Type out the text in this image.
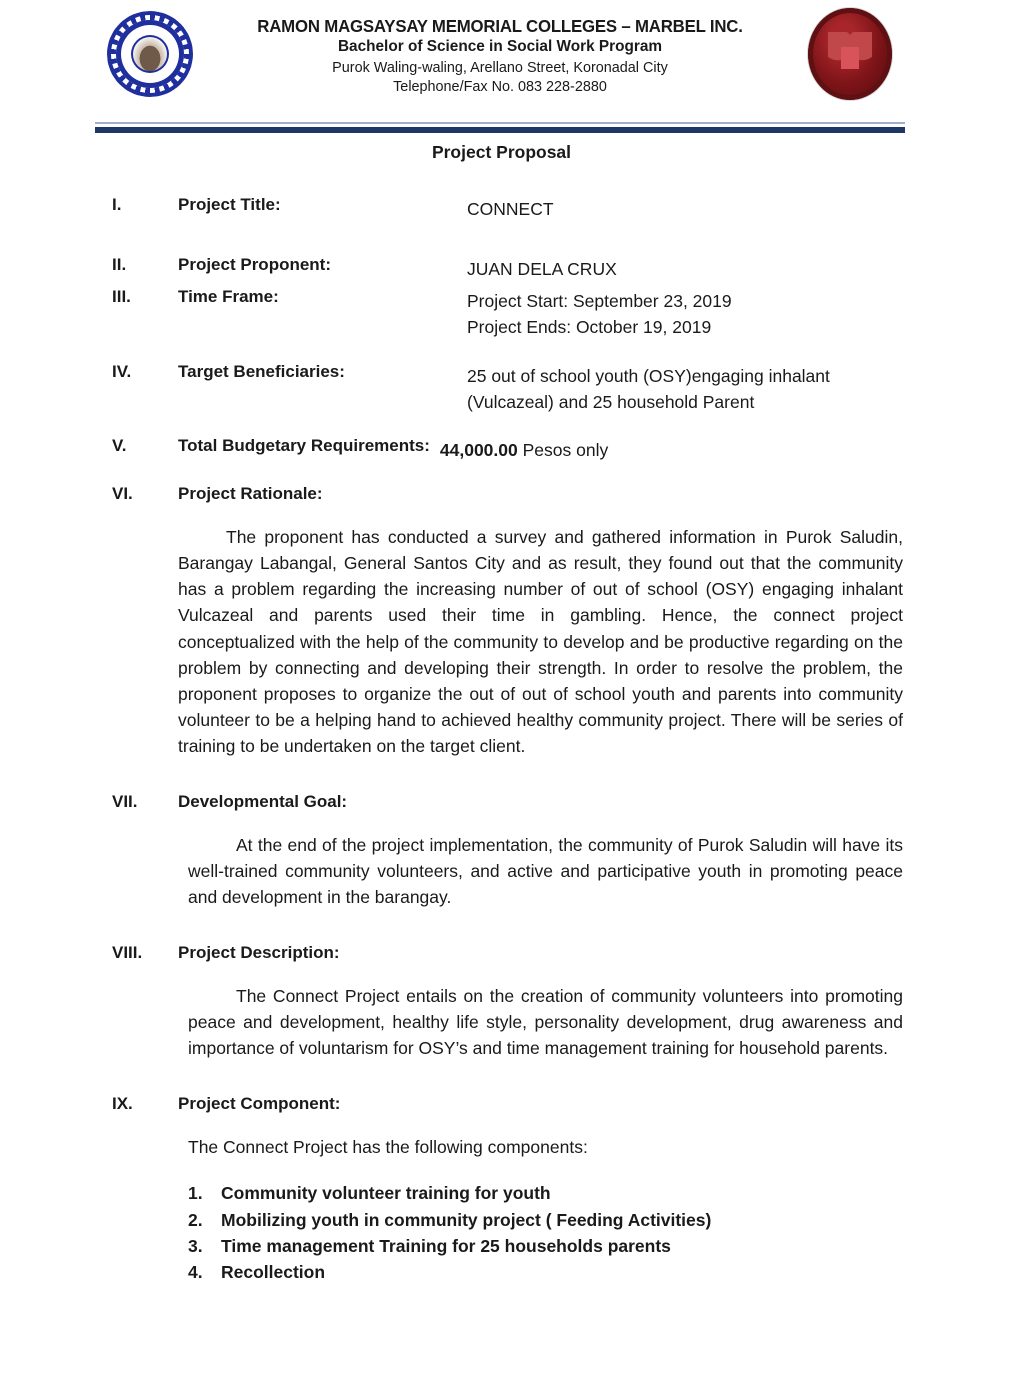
RAMON MAGSAYSAY MEMORIAL COLLEGES – MARBEL INC.
Bachelor of Science in Social Work Program
Purok Waling-waling, Arellano Street, Koronadal City
Telephone/Fax No. 083 228-2880
Project Proposal
I.	Project Title:	CONNECT
II.	Project Proponent:	JUAN DELA CRUX
III.	Time Frame:	Project Start: September 23, 2019
Project Ends: October 19, 2019
IV.	Target Beneficiaries:	25 out of school youth (OSY)engaging inhalant
(Vulcazeal) and 25 household Parent
V.	Total Budgetary Requirements: 44,000.00 Pesos only
VI.	Project Rationale:
The proponent has conducted a survey and gathered information in Purok Saludin, Barangay Labangal, General Santos City and as result, they found out that the community has a problem regarding the increasing number of out of school (OSY) engaging inhalant Vulcazeal and parents used their time in gambling. Hence, the connect project conceptualized with the help of the community to develop and be productive regarding on the problem by connecting and developing their strength. In order to resolve the problem, the proponent proposes to organize the out of out of school youth and parents into community volunteer to be a helping hand to achieved healthy community project. There will be series of training to be undertaken on the target client.
VII.	Developmental Goal:
At the end of the project implementation, the community of Purok Saludin will have its well-trained community volunteers, and active and participative youth in promoting peace and development in the barangay.
VIII.	Project Description:
The Connect Project entails on the creation of community volunteers into promoting peace and development, healthy life style, personality development, drug awareness and importance of voluntarism for OSY’s and time management training for household parents.
IX.	Project Component:
The Connect Project has the following components:
1.	Community volunteer training for youth
2.	Mobilizing youth in community project ( Feeding Activities)
3.	Time management Training for 25 households parents
4.	Recollection
